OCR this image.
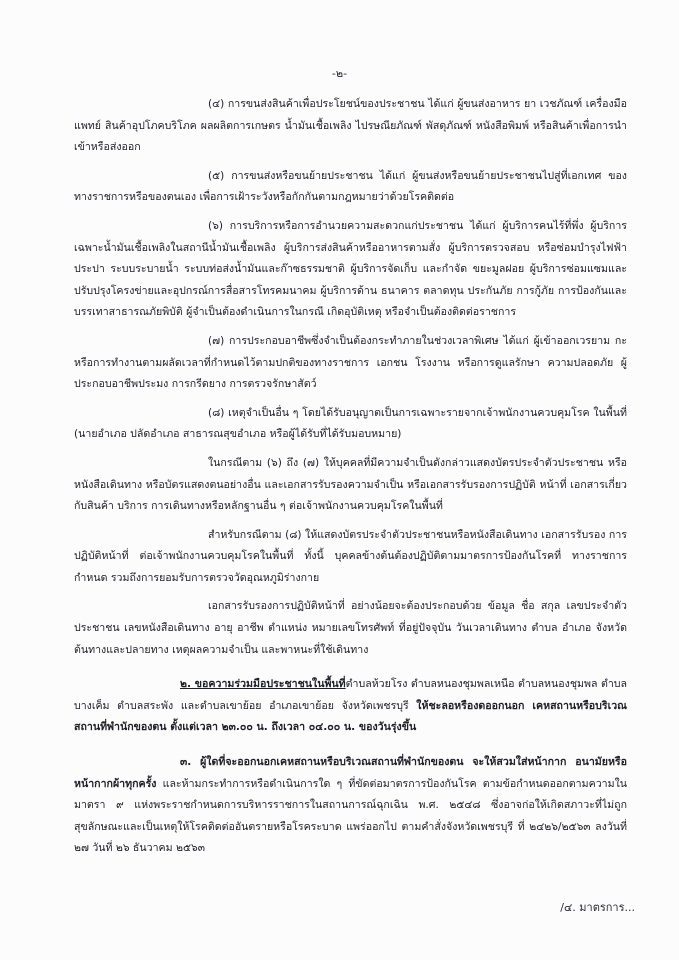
-๒-

(๔) การขนส่งสินค้าเพื่อประโยชน์ของประชาชน ได้แก่ ผู้ขนส่งอาหาร ยา เวชภัณฑ์ เครื่องมือแพทย์ สินค้าอุปโภคบริโภค ผลผลิตการเกษตร น้ำมันเชื้อเพลิง ไปรษณียภัณฑ์ พัสดุภัณฑ์ หนังสือพิมพ์ หรือสินค้าเพื่อการนำเข้าหรือส่งออก

(๕) การขนส่งหรือขนย้ายประชาชน ได้แก่ ผู้ขนส่งหรือขนย้ายประชาชนไปสู่ที่เอกเทศ ของทางราชการหรือของตนเอง เพื่อการเฝ้าระวังหรือกักกันตามกฎหมายว่าด้วยโรคติดต่อ

(๖) การบริการหรือการอำนวยความสะดวกแก่ประชาชน ได้แก่ ผู้บริการคนไร้ที่พึ่ง ผู้บริการเฉพาะน้ำมันเชื้อเพลิงในสถานีน้ำมันเชื้อเพลิง ผู้บริการส่งสินค้าหรืออาหารตามสั่ง ผู้บริการตรวจสอบ หรือซ่อมบำรุงไฟฟ้า ประปา ระบบระบายน้ำ ระบบท่อส่งน้ำมันและก๊าซธรรมชาติ ผู้บริการจัดเก็บ และกำจัด ขยะมูลฝอย ผู้บริการซ่อมแซมและปรับปรุงโครงข่ายและอุปกรณ์การสื่อสารโทรคมนาคม ผู้บริการด้าน ธนาคาร ตลาดทุน ประกันภัย การกู้ภัย การป้องกันและบรรเทาสาธารณภัยพิบัติ ผู้จำเป็นต้องดำเนินการในกรณี เกิดอุบัติเหตุ หรือจำเป็นต้องติดต่อราชการ

(๗) การประกอบอาชีพซึ่งจำเป็นต้องกระทำภายในช่วงเวลาพิเศษ ได้แก่ ผู้เข้าออกเวรยาม กะ หรือการทำงานตามผลัดเวลาที่กำหนดไว้ตามปกติของทางราชการ เอกชน โรงงาน หรือการดูแลรักษา ความปลอดภัย ผู้ประกอบอาชีพประมง การกรีดยาง การตรวจรักษาสัตว์

(๘) เหตุจำเป็นอื่น ๆ โดยได้รับอนุญาตเป็นการเฉพาะรายจากเจ้าพนักงานควบคุมโรค ในพื้นที่ (นายอำเภอ ปลัดอำเภอ สาธารณสุขอำเภอ หรือผู้ได้รับที่ได้รับมอบหมาย)

ในกรณีตาม (๖) ถึง (๗) ให้บุคคลที่มีความจำเป็นดังกล่าวแสดงบัตรประจำตัวประชาชน หรือหนังสือเดินทาง หรือบัตรแสดงตนอย่างอื่น และเอกสารรับรองความจำเป็น หรือเอกสารรับรองการปฏิบัติ หน้าที่ เอกสารเกี่ยวกับสินค้า บริการ การเดินทางหรือหลักฐานอื่น ๆ ต่อเจ้าพนักงานควบคุมโรคในพื้นที่

สำหรับกรณีตาม (๘) ให้แสดงบัตรประจำตัวประชาชนหรือหนังสือเดินทาง เอกสารรับรอง การปฏิบัติหน้าที่ ต่อเจ้าพนักงานควบคุมโรคในพื้นที่ ทั้งนี้ บุคคลข้างต้นต้องปฏิบัติตามมาตรการป้องกันโรคที่ ทางราชการกำหนด รวมถึงการยอมรับการตรวจวัดอุณหภูมิร่างกาย

เอกสารรับรองการปฏิบัติหน้าที่ อย่างน้อยจะต้องประกอบด้วย ข้อมูล ชื่อ สกุล เลขประจำตัวประชาชน เลขหนังสือเดินทาง อายุ อาชีพ ตำแหน่ง หมายเลขโทรศัพท์ ที่อยู่ปัจจุบัน วันเวลาเดินทาง ตำบล อำเภอ จังหวัดต้นทางและปลายทาง เหตุผลความจำเป็น และพาหนะที่ใช้เดินทาง

๒. ขอความร่วมมือประชาชนในพื้นที่ตำบลห้วยโรง ตำบลหนองชุมพลเหนือ ตำบลหนองชุมพล ตำบลบางเค็ม ตำบลสระพัง และตำบลเขาย้อย อำเภอเขาย้อย จังหวัดเพชรบุรี ให้ชะลอหรืองดออกนอก เคหสถานหรือบริเวณสถานที่พำนักของตน ตั้งแต่เวลา ๒๓.๐๐ น. ถึงเวลา ๐๔.๐๐ น. ของวันรุ่งขึ้น

๓. ผู้ใดที่จะออกนอกเคหสถานหรือบริเวณสถานที่พำนักของตน จะให้สวมใส่หน้ากาก อนามัยหรือหน้ากากผ้าทุกครั้ง และห้ามกระทำการหรือดำเนินการใด ๆ ที่ขัดต่อมาตรการป้องกันโรค ตามข้อกำหนดออกตามความในมาตรา ๙ แห่งพระราชกำหนดการบริหารราชการในสถานการณ์ฉุกเฉิน พ.ศ. ๒๕๔๘ ซึ่งอาจก่อให้เกิดสภาวะที่ไม่ถูกสุขลักษณะและเป็นเหตุให้โรคติดต่ออันตรายหรือโรคระบาด แพร่ออกไป ตามคำสั่งจังหวัดเพชรบุรี ที่ ๒๔๒๖/๒๕๖๓ ลงวันที่ ๒๗ วันที่ ๒๖ ธันวาคม ๒๕๖๓

/๔. มาตรการ...
